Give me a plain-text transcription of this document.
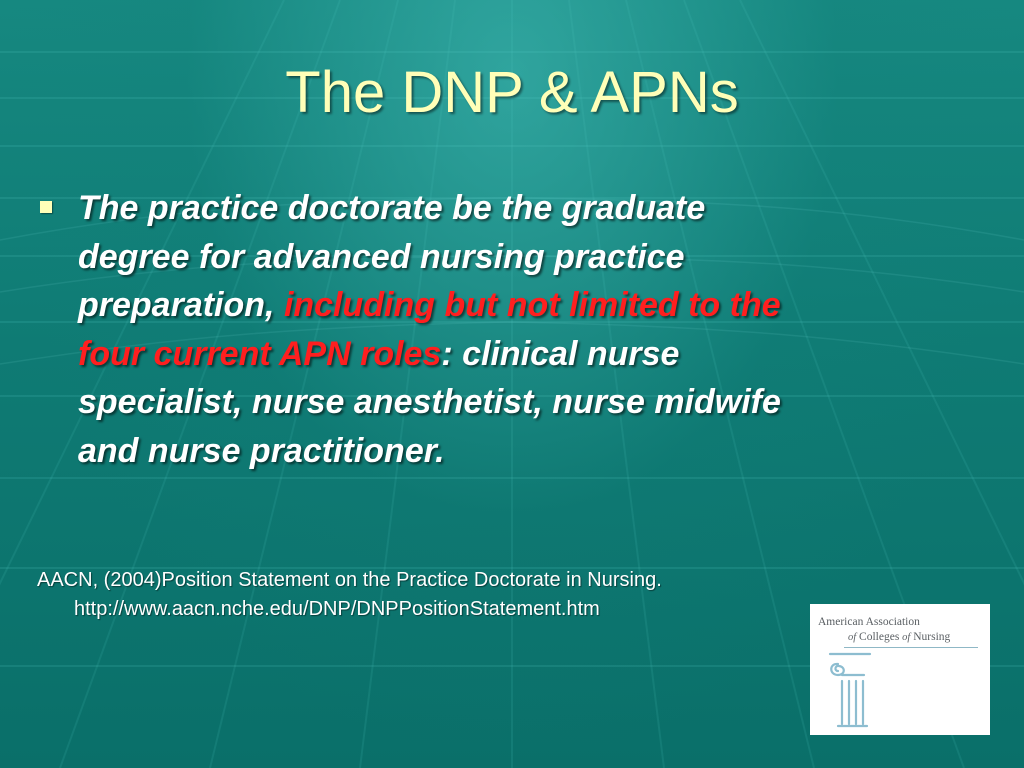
The DNP & APNs

The practice doctorate be the graduate degree for advanced nursing practice preparation, including but not limited to the four current APN roles: clinical nurse specialist, nurse anesthetist, nurse midwife and nurse practitioner.

AACN, (2004)Position Statement on the Practice Doctorate in Nursing.
http://www.aacn.nche.edu/DNP/DNPPositionStatement.htm

American Association
of Colleges of Nursing
